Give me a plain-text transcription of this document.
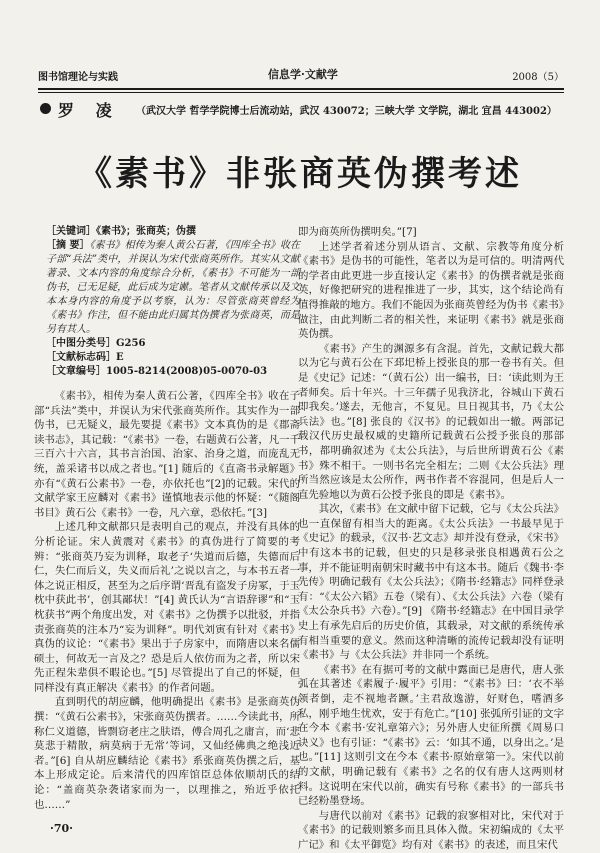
图书馆理论与实践	信息学·文献学	2008（5）
罗 凌 （武汉大学 哲学学院博士后流动站，武汉 430072；三峡大学 文学院，湖北 宜昌 443002）
《素书》非张商英伪撰考述
［关键词］《素书》；张商英；伪撰
［摘 要］《素书》相传为秦人黄公石著，《四库全书》收在子部“兵法”类中，并误认为宋代张商英所作。其实从文献著录、文本内容的角度综合分析，《素书》不可能为一部伪书，已无足疑，此后成为定谳。笔者从文献传承以及文本本身内容的角度予以考察，认为：尽管张商英曾经为《素书》作注，但不能由此归属其伪撰者为张商英，而是另有其人。
［中图分类号］G256
［文献标志码］E
［文章编号］1005-8214(2008)05-0070-03

《素书》，相传为秦人黄石公著，《四库全书》收在子部“兵法”类中，并误认为宋代张商英所作。其实作为一部伪书，已无疑义，最先要提《素书》文本真伪的是《郡斋读书志》，其记载：“《素书》一卷，右题黄石公著，凡一千三百六十六言，其书言治国、治家、治身之道，而庞乱无统，盖采诸书以成之者也。”[1] 随后的《直斋书录解题》亦有“《黄石公素书》一卷，亦依托也”[2]的记载。宋代的文献学家王应麟对《素书》谨慎地表示他的怀疑：“《随阁书目》黄石公《素书》一卷，凡六章，恐依托。”[3]

上述几种文献都只是表明自己的观点，并没有具体的分析论证。宋人黄震对《素书》的真伪进行了简要的考辨：“张商英乃妄为训释，取老子‘失道而后德，失德而后仁，失仁而后义，失义而后礼’之说以言之，与本书五者一体之说正相反，甚至为之后序谓‘晋乱有盗发子房冢，于玉枕中获此书’，创其鄙状！”[4] 黄氏认为“言语辞谬”和“玉枕获书”两个角度出发，对《素书》之伪撰予以批驳，并指责张商英的注本乃“妄为训释”。明代刘寅有针对《素书》真伪的议论：“《素书》果出于子房家中，而隋唐以来名儒硕士，何故无一言及之？恐是后人依仿而为之者，所以宋先正程朱辈俱不暇论也。”[5] 尽管提出了自己的怀疑，但同样没有真正解决《素书》的作者问题。

直到明代的胡应麟，他明确提出《素书》是张商英伪撰：“《黄石公素书》，宋张商英伪撰者。……今读此书，所称仁义道德，皆剽窃老庄之肤语，傅合周孔之庸言，而‘悲莫悲于精散，病莫病于无常’等词，又仙经佛典之绝浅近者。”[6] 自从胡应麟结论《素书》系张商英伪撰之后，基本上形成定论。后来清代的四库馆臣总体依顺胡氏的结论：“盖商英杂袭诸家而为一，以理推之，殆近乎依托也……”

即为商英所伪撰明矣。”[7]

上述学者着述分别从语言、文献、宗教等角度分析《素书》是伪书的可能性，笔者以为是可信的。明清两代的学者由此更进一步直接认定《素书》的伪撰者就是张商英，好像把研究的进程推进了一步，其实，这个结论尚有值得推敲的地方。我们不能因为张商英曾经为伪书《素书》做注，由此判断二者的相关性，来证明《素书》就是张商英伪撰。

《素书》产生的渊源多有含混。首先，文献记载大都以为它与黄石公在下邳圯桥上授张良的那一卷书有关。但是《史记》记述：“（黄石公）出一编书，曰：‘读此则为王者师矣。后十年兴。十三年孺子见我济北，谷城山下黄石即我矣。’遂去，无他言，不复见。旦日视其书，乃《太公兵法》也。”[8] 张良的《汉书》的记载如出一辙。两部记载汉代历史最权威的史籍所记载黄石公授予张良的那部书，都明确叙述为《太公兵法》，与后世所谓黄石公《素书》殊不相干。一则书名完全相左；二则《太公兵法》理所当然应该是太公所作，两书作者不容混同，但是后人一直先验地以为黄石公授予张良的即是《素书》。

其次，《素书》在文献中留下记载，它与《太公兵法》也一直保留有相当大的距离。《太公兵法》一书最早见于《史记》的载录，《汉书·艺文志》却并没有登录，《宋书》中有这本书的记载，但史的只是移录张良相遇黄石公之事，并不能证明南朝宋时藏书中有这本书。随后《魏书·李先传》明确记载有《太公兵法》；《隋书·经籍志》同样登录有：“《太公六韬》五卷（梁有）、《太公兵法》六卷（梁有《太公杂兵书》六卷）。”[9] 《隋书·经籍志》在中国目录学史上有承先启后的历史价值，其载录，对文献的系统传承有相当重要的意义。然而这种清晰的流传记载却没有证明《素书》与《太公兵法》并非同一个系统。

《素书》在有据可考的文献中露面已是唐代，唐人张弧在其著述《素履子·履平》引用：“《素书》曰：‘衣不举领者倒，走不视地者蹶。’主君敌逸游，好财色，嗜酒多私，刚乎地生忧欢，安于有危亡。”[10] 张弧所引证的文字在今本《素书·安礼章第六》；另外唐人史征所撰《周易口诀义》也有引证：“《素书》云：‘如其不通，以身出之。’是也。”[11] 这则引文在今本《素书·原始章第一》。宋代以前的文献，明确记载有《素书》之名的仅有唐人这两则材料。这说明在宋代以前，确实有号称《素书》的一部兵书已经粉墨登场。

与唐代以前对《素书》记载的寂寥相对比，宋代对于《素书》的记载则繁多而且具体入微。宋初编成的《太平广记》和《太平御览》均有对《素书》的表述，而且宋代

·70·
